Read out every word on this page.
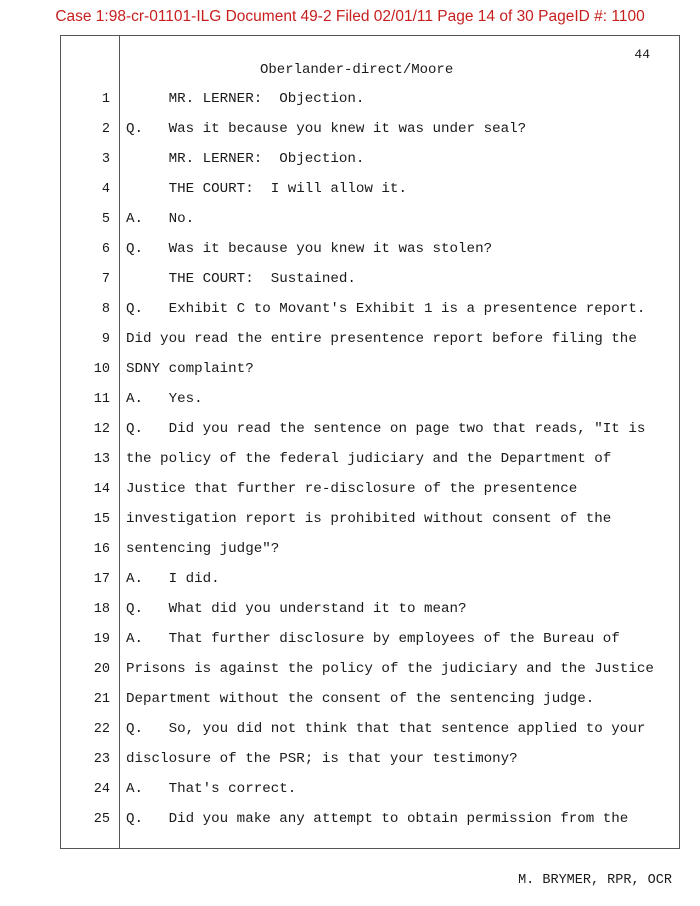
Case 1:98-cr-01101-ILG Document 49-2 Filed 02/01/11 Page 14 of 30 PageID #: 1100
44
Oberlander-direct/Moore
1 MR. LERNER:  Objection.
2 Q.   Was it because you knew it was under seal?
3 MR. LERNER:  Objection.
4 THE COURT:  I will allow it.
5 A.   No.
6 Q.   Was it because you knew it was stolen?
7 THE COURT:  Sustained.
8 Q.   Exhibit C to Movant's Exhibit 1 is a presentence report.
9 Did you read the entire presentence report before filing the
10 SDNY complaint?
11 A.   Yes.
12 Q.   Did you read the sentence on page two that reads, "It is
13 the policy of the federal judiciary and the Department of
14 Justice that further re-disclosure of the presentence
15 investigation report is prohibited without consent of the
16 sentencing judge"?
17 A.   I did.
18 Q.   What did you understand it to mean?
19 A.   That further disclosure by employees of the Bureau of
20 Prisons is against the policy of the judiciary and the Justice
21 Department without the consent of the sentencing judge.
22 Q.   So, you did not think that that sentence applied to your
23 disclosure of the PSR; is that your testimony?
24 A.   That's correct.
25 Q.   Did you make any attempt to obtain permission from the
M. BRYMER, RPR, OCR
